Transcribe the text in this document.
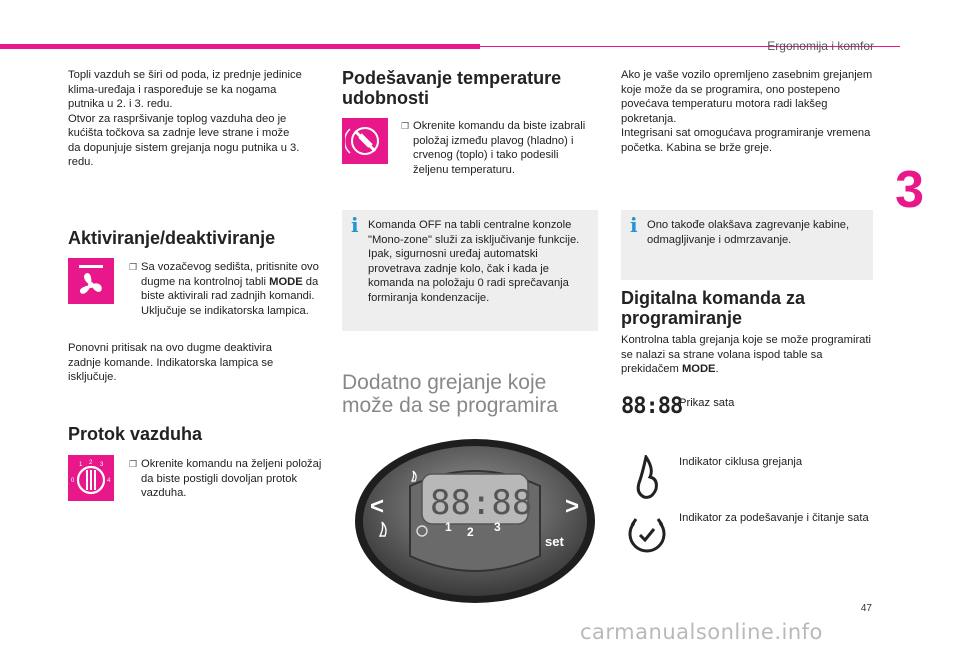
Ergonomija i komfor
3

Topli vazduh se širi od poda, iz prednje jedinice
klima-uređaja i raspoređuje se ka nogama
putnika u 2. i 3. redu.
Otvor za raspršivanje toplog vazduha deo je
kućišta točkova sa zadnje leve strane i može
da dopunjuje sistem grejanja nogu putnika u 3.
redu.

Aktiviranje/deaktiviranje
❒ Sa vozačevog sedišta, pritisnite ovo dugme na kontrolnoj tabli MODE da biste aktivirali rad zadnjih komandi. Uključuje se indikatorska lampica.

Ponovni pritisak na ovo dugme deaktivira
zadnje komande. Indikatorska lampica se
isključuje.

Protok vazduha
1 2 3
0	4
❒ Okrenite komandu na željeni položaj da biste postigli dovoljan protok vazduha.
Podešavanje temperature
udobnosti
❒ Okrenite komandu da biste izabrali položaj između plavog (hladno) i crvenog (toplo) i tako podesili željenu temperaturu.
i Komanda OFF na tabli centralne konzole "Mono-zone" služi za isključivanje funkcije.
Ipak, sigurnosni uređaj automatski provetrava zadnje kolo, čak i kada je komanda na položaju 0 radi sprečavanja formiranja kondenzacije.

Dodatno grejanje koje
može da se programira
88:88
<	>
1 2 3
set

Ako je vaše vozilo opremljeno zasebnim grejanjem koje može da se programira, ono postepeno povećava temperaturu motora radi lakšeg pokretanja.
Integrisani sat omogućava programiranje vremena početka. Kabina se brže greje.

i Ono takođe olakšava zagrevanje kabine, odmagljivanje i odmrzavanje.

Digitalna komanda za
programiranje

Kontrolna tabla grejanja koje se može programirati se nalazi sa strane volana ispod table sa prekidačem MODE.

88:88
Prikaz sata
Indikator ciklusa grejanja
Indikator za podešavanje i čitanje sata
47
carmanualsonline.info
